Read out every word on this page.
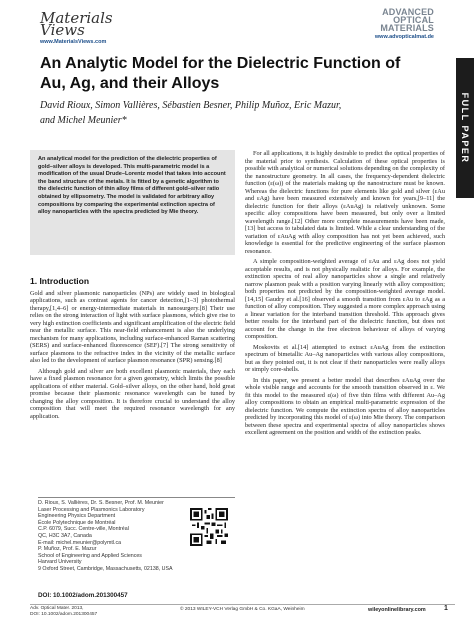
Materials Views
www.MaterialsViews.com
ADVANCED
OPTICAL
MATERIALS
www.advopticalmat.de
FULL PAPER
An Analytic Model for the Dielectric Function of Au, Ag, and their Alloys
David Rioux, Simon Vallières, Sébastien Besner, Philip Muñoz, Eric Mazur,
and Michel Meunier*
An analytical model for the prediction of the dielectric properties of gold–silver alloys is developed. This multi-parametric model is a modification of the usual Drude–Lorentz model that takes into account the band structure of the metals. It is fitted by a genetic algorithm to the dielectric function of thin alloy films of different gold–silver ratio obtained by ellipsometry. The model is validated for arbitrary alloy compositions by comparing the experimental extinction spectra of alloy nanoparticles with the spectra predicted by Mie theory.
1. Introduction

Gold and silver plasmonic nanoparticles (NPs) are widely used in biological applications, such as contrast agents for cancer detection,[1–3] photothermal therapy,[1,4–6] or energy-intermediate materials in nanosurgery.[8] Their use relies on the strong interaction of light with surface plasmons, which give rise to very high extinction coefficients and significant amplification of the electric field near the metallic surface. This near-field enhancement is also the underlying mechanism for many applications, including surface-enhanced Raman scattering (SERS) and surface-enhanced fluorescence (SEF).[7] The strong sensitivity of surface plasmons to the refractive index in the vicinity of the metallic surface also led to the development of surface plasmon resonance (SPR) sensing.[8]

Although gold and silver are both excellent plasmonic materials, they each have a fixed plasmon resonance for a given geometry, which limits the possible applications of either material. Gold–silver alloys, on the other hand, hold great promise because their plasmonic resonance wavelength can be tuned by changing the alloy composition. It is therefore crucial to understand the alloy composition that will meet the required resonance wavelength for any application.

D. Rioux, S. Vallières, Dr. S. Besner, Prof. M. Meunier
Laser Processing and Plasmonics Laboratory
Engineering Physics Department
École Polytechnique de Montréal
C.P. 6079, Succ. Centre-ville, Montréal
QC, H3C 3A7, Canada
E-mail: michel.meunier@polymtl.ca
P. Muñoz, Prof. E. Mazur
School of Engineering and Applied Sciences
Harvard University
9 Oxford Street, Cambridge, Massachusetts, 02138, USA
DOI: 10.1002/adom.201300457

For all applications, it is highly desirable to predict the optical properties of the material prior to synthesis. Calculation of these optical properties is possible with analytical or numerical solutions depending on the complexity of the nanostructure geometry. In all cases, the frequency-dependent dielectric function (ε(ω)) of the materials making up the nanostructure must be known. Whereas the dielectric functions for pure elements like gold and silver (εAu and εAg) have been measured extensively and known for years,[9–11] the dielectric function for their alloys (εAuAg) is relatively unknown. Some specific alloy compositions have been measured, but only over a limited wavelength range.[12] Other more complete measurements have been made,[13] but access to tabulated data is limited. While a clear understanding of the variation of εAuAg with alloy composition has not yet been achieved, such knowledge is essential for the predictive engineering of the surface plasmon resonance.

A simple composition-weighted average of εAu and εAg does not yield acceptable results, and is not physically realistic for alloys. For example, the extinction spectra of real alloy nanoparticles show a single and relatively narrow plasmon peak with a position varying linearly with alloy composition; both properties not predicted by the composition-weighted average model.[14,15] Gaudry et al.[16] observed a smooth transition from εAu to εAg as a function of alloy composition. They suggested a more complex approach using a linear variation for the interband transition threshold. This approach gives better results for the interband part of the dielectric function, but does not account for the change in the free electron behaviour of alloys of varying composition.

Moskovits et al.[14] attempted to extract εAuAg from the extinction spectrum of bimetallic Au–Ag nanoparticles with various alloy compositions, but as they pointed out, it is not clear if their nanoparticles were really alloys or simply core-shells.

In this paper, we present a better model that describes εAuAg over the whole visible range and accounts for the smooth transition observed in ε. We fit this model to the measured ε(ω) of five thin films with different Au–Ag alloy compositions to obtain an empirical multi-parametric expression of the dielectric function. We compute the extinction spectra of alloy nanoparticles predicted by incorporating this model of ε(ω) into Mie theory. The comparison between these spectra and experimental spectra of alloy nanoparticles shows excellent agreement on the position and width of the extinction peaks.

Adv. Optical Mater. 2013,
DOI: 10.1002/adom.201300457
© 2013 WILEY-VCH Verlag GmbH & Co. KGaA, Weinheim	wileyonlinelibrary.com	1
